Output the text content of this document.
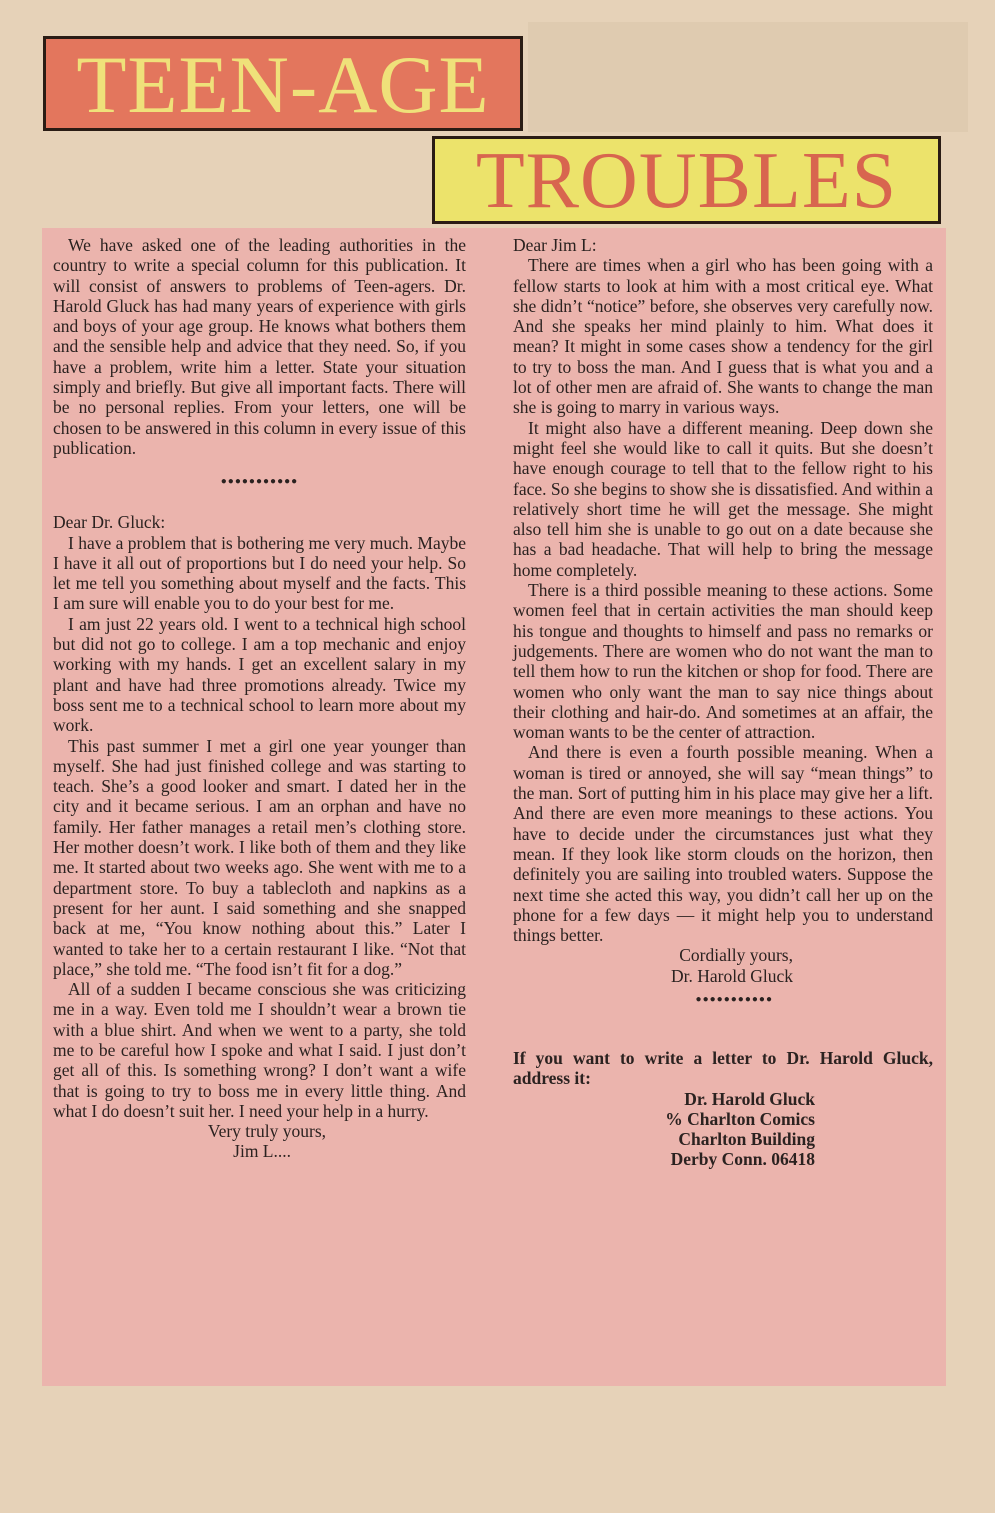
TEEN-AGE
TROUBLES

We have asked one of the leading authorities in the country to write a special column for this publication. It will consist of answers to problems of Teen-agers. Dr. Harold Gluck has had many years of experience with girls and boys of your age group. He knows what bothers them and the sensible help and advice that they need. So, if you have a problem, write him a letter. State your situation simply and briefly. But give all important facts. There will be no personal replies. From your letters, one will be chosen to be answered in this column in every issue of this publication.

●●●●●●●●●●●

Dear Dr. Gluck:

I have a problem that is bothering me very much. Maybe I have it all out of proportions but I do need your help. So let me tell you something about myself and the facts. This I am sure will enable you to do your best for me.

I am just 22 years old. I went to a technical high school but did not go to college. I am a top mechanic and enjoy working with my hands. I get an excellent salary in my plant and have had three promotions already. Twice my boss sent me to a technical school to learn more about my work.

This past summer I met a girl one year younger than myself. She had just finished college and was starting to teach. She’s a good looker and smart. I dated her in the city and it became serious. I am an orphan and have no family. Her father manages a retail men’s clothing store. Her mother doesn’t work. I like both of them and they like me. It started about two weeks ago. She went with me to a department store. To buy a tablecloth and napkins as a present for her aunt. I said something and she snapped back at me, “You know nothing about this.” Later I wanted to take her to a certain restaurant I like. “Not that place,” she told me. “The food isn’t fit for a dog.”

All of a sudden I became conscious she was criticizing me in a way. Even told me I shouldn’t wear a brown tie with a blue shirt. And when we went to a party, she told me to be careful how I spoke and what I said. I just don’t get all of this. Is something wrong? I don’t want a wife that is going to try to boss me in every little thing. And what I do doesn’t suit her. I need your help in a hurry.

Very truly yours,

Jim L....

Dear Jim L:

There are times when a girl who has been going with a fellow starts to look at him with a most critical eye. What she didn’t “notice” before, she observes very carefully now. And she speaks her mind plainly to him. What does it mean? It might in some cases show a tendency for the girl to try to boss the man. And I guess that is what you and a lot of other men are afraid of. She wants to change the man she is going to marry in various ways.

It might also have a different meaning. Deep down she might feel she would like to call it quits. But she doesn’t have enough courage to tell that to the fellow right to his face. So she begins to show she is dissatisfied. And within a relatively short time he will get the message. She might also tell him she is unable to go out on a date because she has a bad headache. That will help to bring the message home completely.

There is a third possible meaning to these actions. Some women feel that in certain activities the man should keep his tongue and thoughts to himself and pass no remarks or judgements. There are women who do not want the man to tell them how to run the kitchen or shop for food. There are women who only want the man to say nice things about their clothing and hair-do. And sometimes at an affair, the woman wants to be the center of attraction.

And there is even a fourth possible meaning. When a woman is tired or annoyed, she will say “mean things” to the man. Sort of putting him in his place may give her a lift. And there are even more meanings to these actions. You have to decide under the circumstances just what they mean. If they look like storm clouds on the horizon, then definitely you are sailing into troubled waters. Suppose the next time she acted this way, you didn’t call her up on the phone for a few days — it might help you to understand things better.

Cordially yours,

Dr. Harold Gluck

●●●●●●●●●●●

If you want to write a letter to Dr. Harold Gluck, address it:

Dr. Harold Gluck

% Charlton Comics

Charlton Building

Derby Conn. 06418
